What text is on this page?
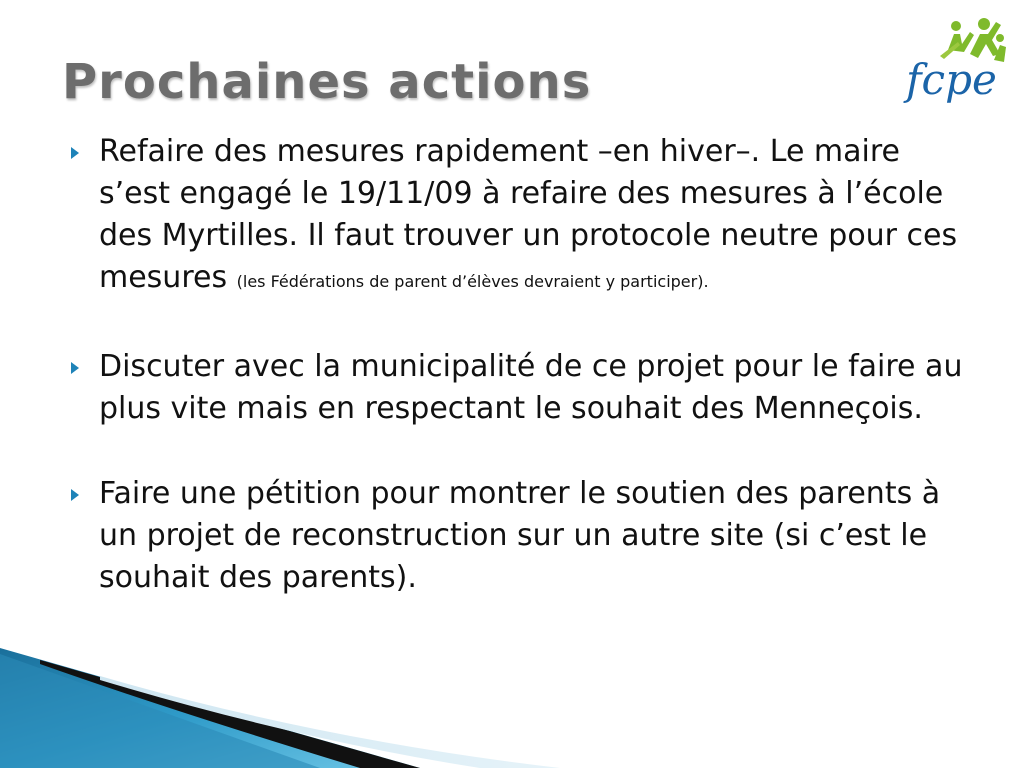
Prochaines actions	fcpe
Refaire des mesures rapidement –en hiver–. Le maire s’est engagé le 19/11/09 à refaire des mesures à l’école des Myrtilles. Il faut trouver un protocole neutre pour ces mesures (les Fédérations de parent d’élèves devraient y participer).
Discuter avec la municipalité de ce projet pour le faire au plus vite mais en respectant le souhait des Menneçois.
Faire une pétition pour montrer le soutien des parents à un projet de reconstruction sur un autre site (si c’est le souhait des parents).
